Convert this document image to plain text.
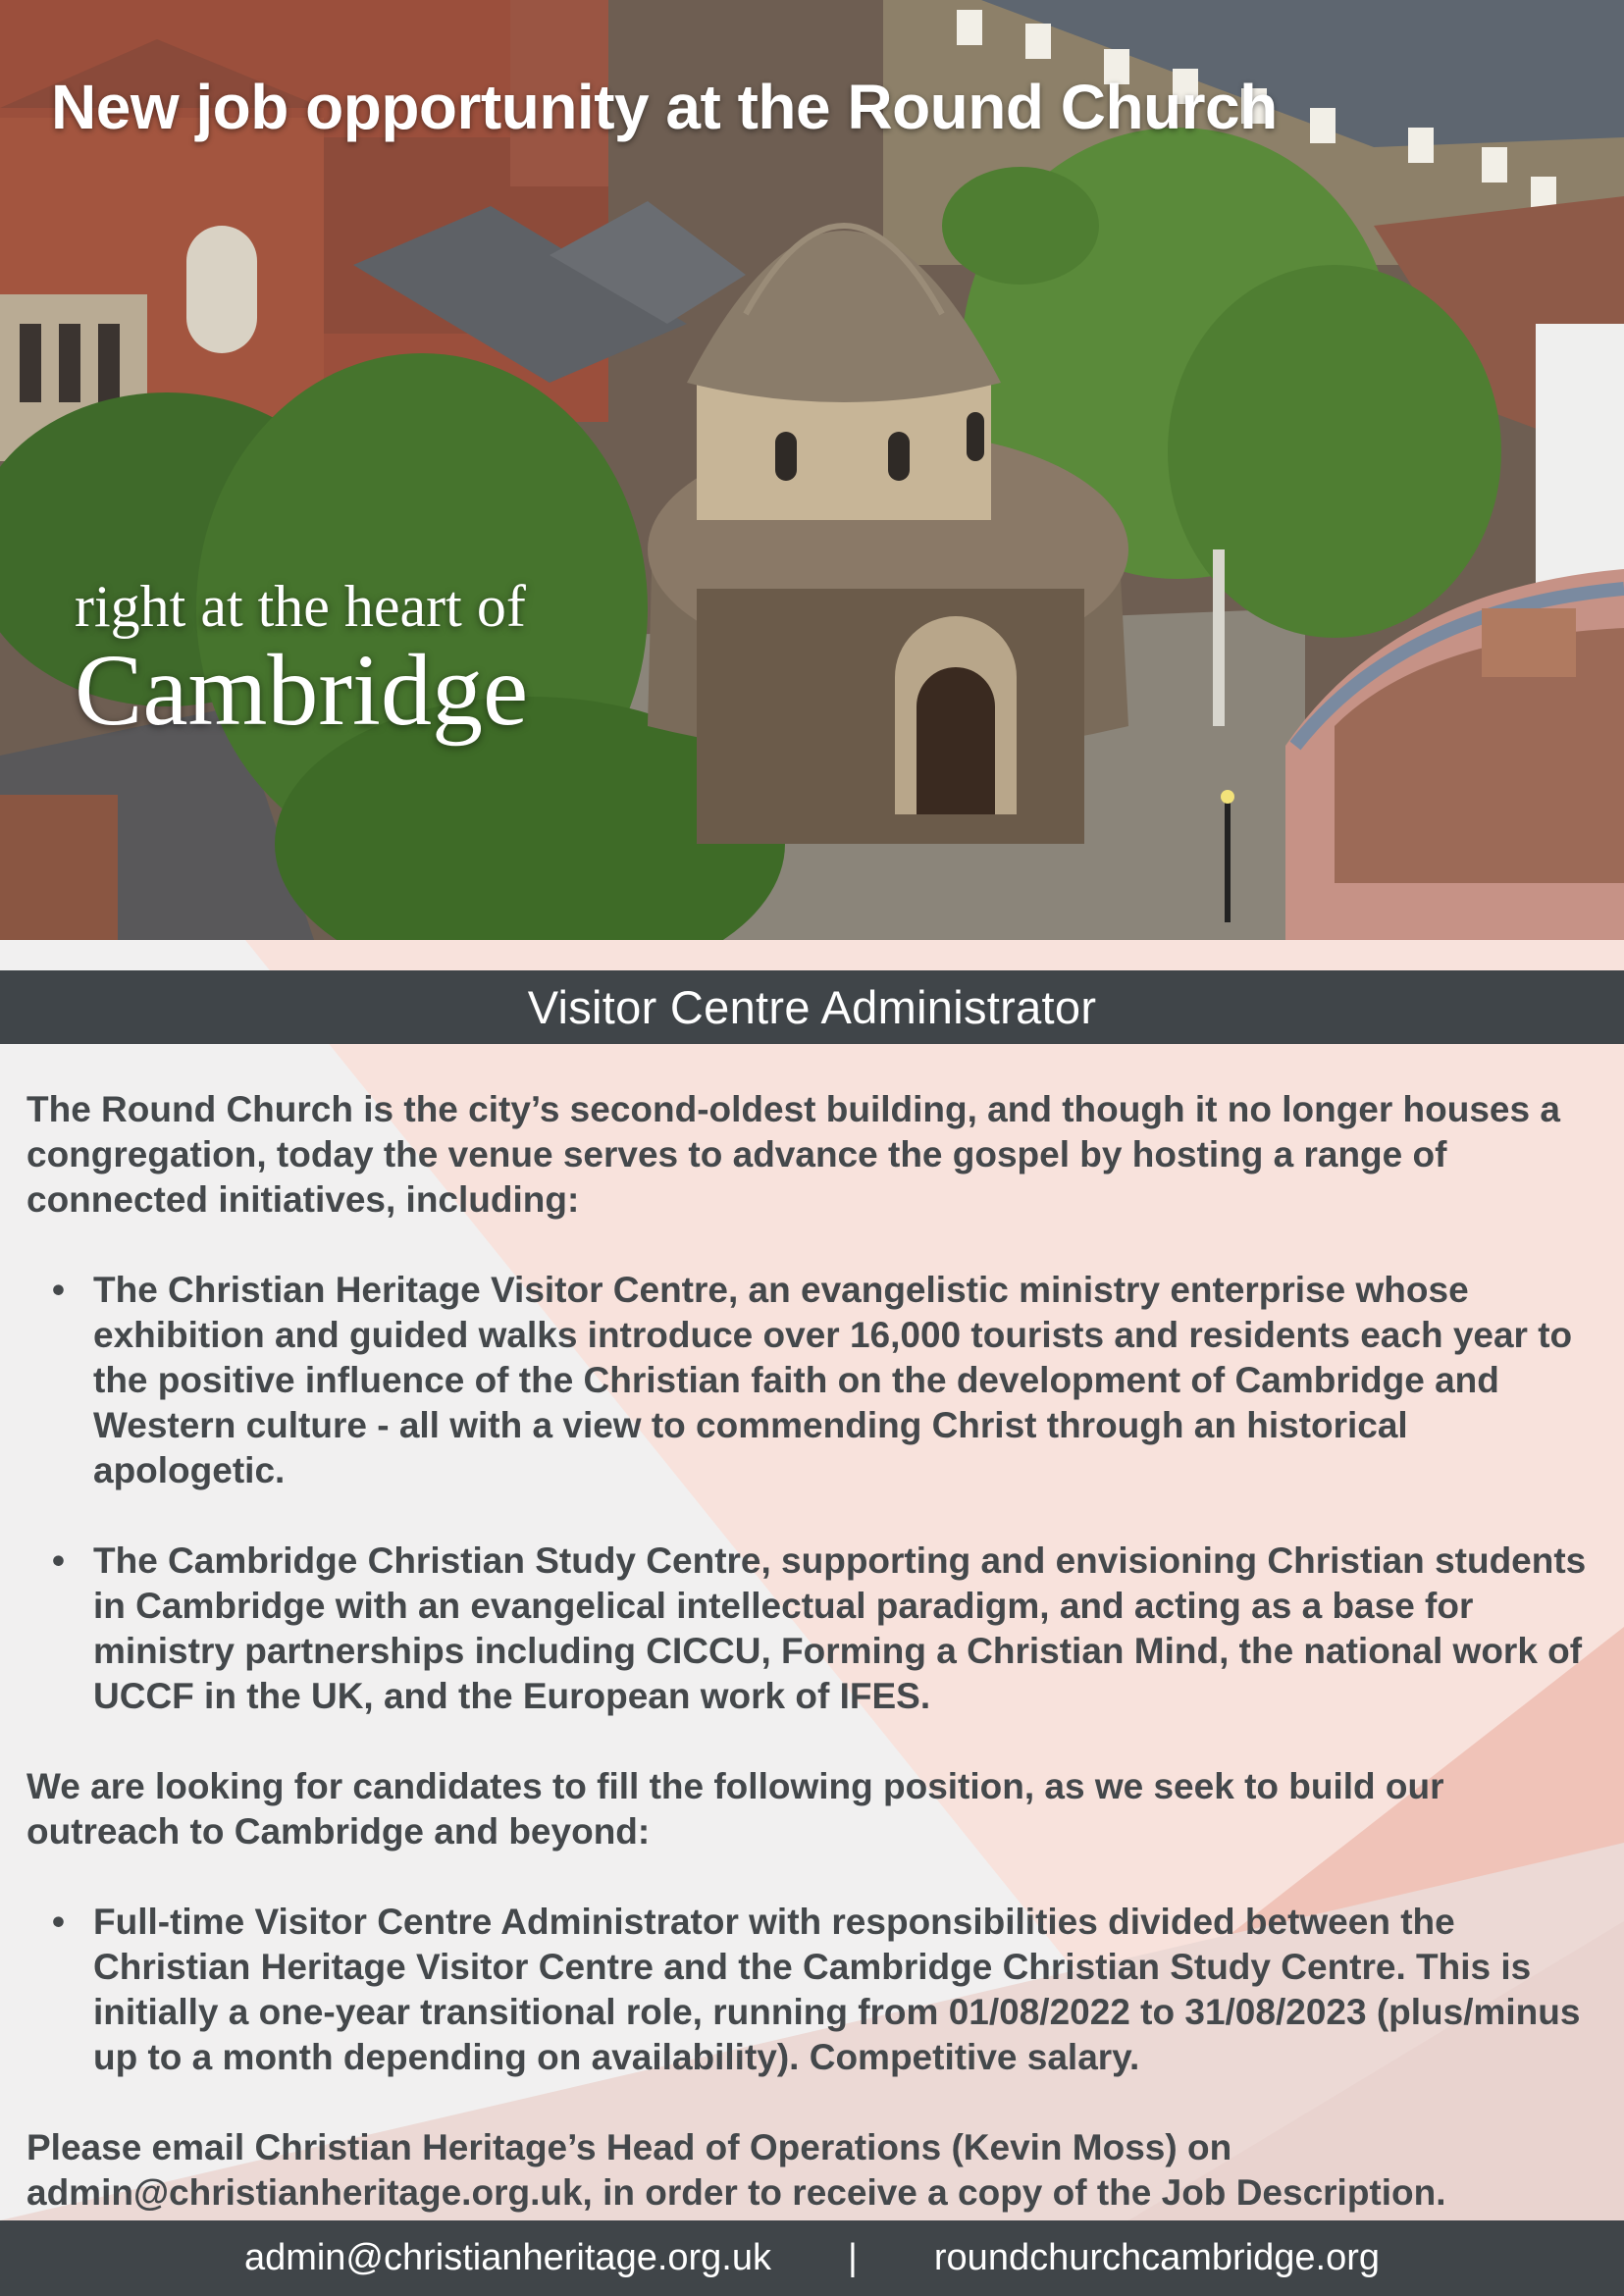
New job opportunity at the Round Church
right at the heart of
Cambridge
Visitor Centre Administrator

The Round Church is the city’s second-oldest building, and though it no longer houses a congregation, today the venue serves to advance the gospel by hosting a range of connected initiatives, including:

• The Christian Heritage Visitor Centre, an evangelistic ministry enterprise whose exhibition and guided walks introduce over 16,000 tourists and residents each year to the positive influence of the Christian faith on the development of Cambridge and Western culture - all with a view to commending Christ through an historical apologetic.
• The Cambridge Christian Study Centre, supporting and envisioning Christian students in Cambridge with an evangelical intellectual paradigm, and acting as a base for ministry partnerships including CICCU, Forming a Christian Mind, the national work of UCCF in the UK, and the European work of IFES.

We are looking for candidates to fill the following position, as we seek to build our outreach to Cambridge and beyond:

• Full-time Visitor Centre Administrator with responsibilities divided between the Christian Heritage Visitor Centre and the Cambridge Christian Study Centre. This is initially a one-year transitional role, running from 01/08/2022 to 31/08/2023 (plus/minus up to a month depending on availability). Competitive salary.

Please email Christian Heritage’s Head of Operations (Kevin Moss) on admin@christianheritage.org.uk, in order to receive a copy of the Job Description.

admin@christianheritage.org.uk | roundchurchcambridge.org
